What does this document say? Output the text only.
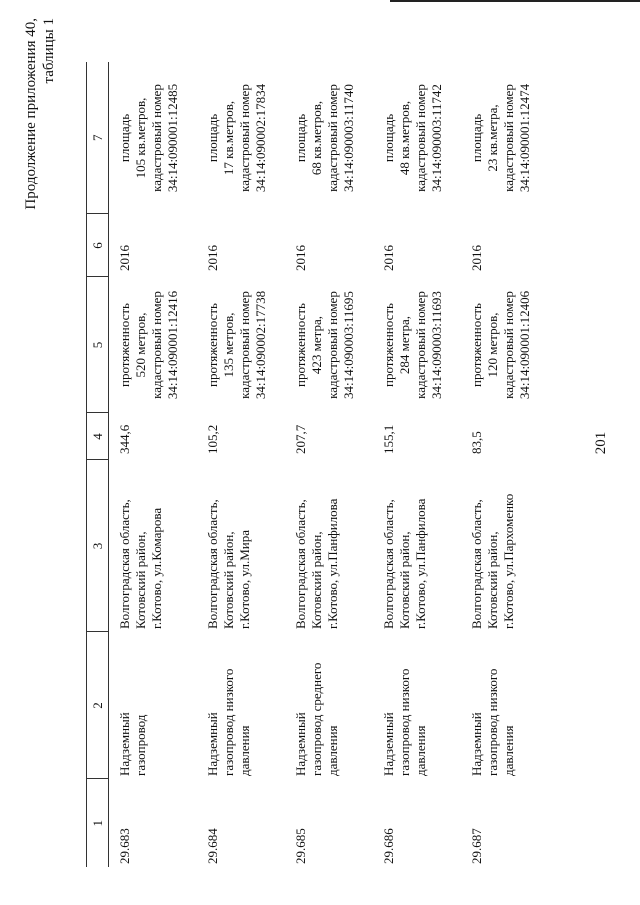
201
Продолжение приложения 40, таблицы 1
1	2	3	4	5	6	7
29.683	Надземный газопровод	Волгоградская область, Котовский район, г.Котово, ул.Комарова	344,6	протяженность 520 метров, кадастровый номер 34:14:090001:12416	2016	площадь 105 кв.метров, кадастровый номер 34:14:090001:12485

29.684	Надземный газопровод низкого давления	Волгоградская область, Котовский район, г.Котово, ул.Мира	105,2	протяженность 135 метров, кадастровый номер 34:14:090002:17738	2016	площадь 17 кв.метров, кадастровый номер 34:14:090002:17834

29.685	Надземный газопровод среднего давления	Волгоградская область, Котовский район, г.Котово, ул.Панфилова	207,7	протяженность 423 метра, кадастровый номер 34:14:090003:11695	2016	площадь 68 кв.метров, кадастровый номер 34:14:090003:11740

29.686	Надземный газопровод низкого давления	Волгоградская область, Котовский район, г.Котово, ул.Панфилова	155,1	протяженность 284 метра, кадастровый номер 34:14:090003:11693	2016	площадь 48 кв.метров, кадастровый номер 34:14:090003:11742

29.687	Надземный газопровод низкого давления	Волгоградская область, Котовский район, г.Котово, ул.Пархоменко	83,5	протяженность 120 метров, кадастровый номер 34:14:090001:12406	2016	площадь 23 кв.метра, кадастровый номер 34:14:090001:12474
